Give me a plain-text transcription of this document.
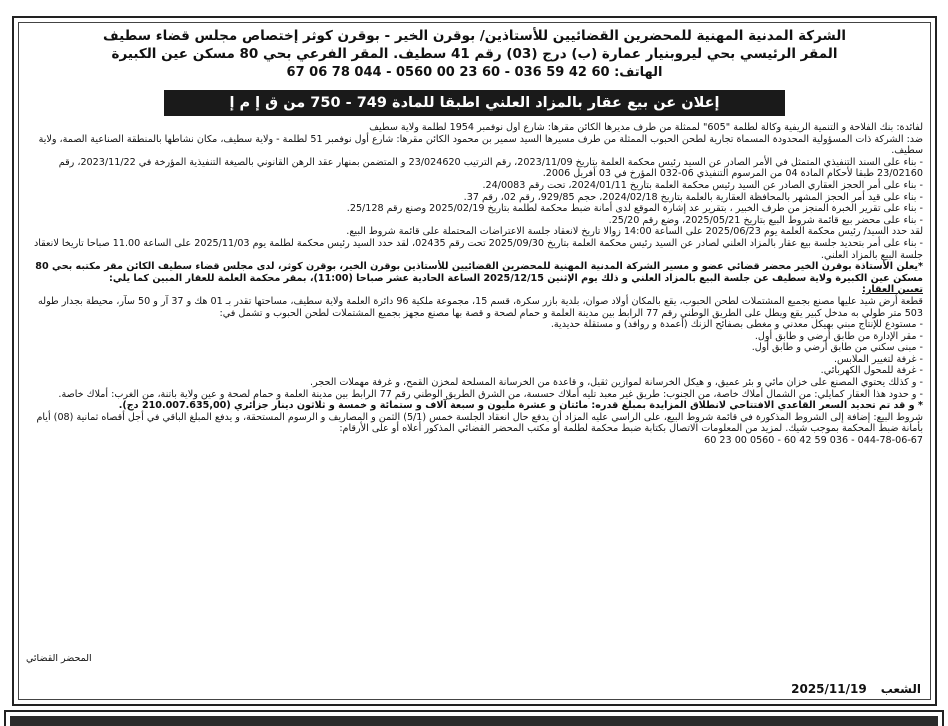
الشركة المدنية المهنية للمحضرين القضائيين للأستاذين/ بوقرن الخير - بوقرن كوثر إختصاص مجلس قضاء سطيف
المقر الرئيسي بحي ليروبنيار عمارة (ب) درج (03) رقم 41 سطيف. المقر الفرعي بحي 80 مسكن عين الكبيرة
الهاتف: 60 42 59 036 - 60 23 00 0560 - 044 78 06 67
إعلان عن بيع عقار بالمزاد العلني اطبقا للمادة 749 - 750 من ق إ م إ

لفائدة: بنك الفلاحة و التنمية الريفية وكالة لطلمة "605" لممثلة من طرف مديرها الكائن مقرها: شارع أول نوفمبر 1954 لطلمة ولاية سطيف

ضد: الشركة ذات المسؤولية المحدودة المسماة تجارية لطحن الحبوب الممثلة من طرف مسيرها السيد سمير بن محمود الكائن مقرها: شارع أول نوفمبر 51 لطلمة - ولاية سطيف، مكان نشاطها بالمنطقة الصناعية الصمة، ولاية سطيف.

- بناء على السند التنفيذي المتمثل في الأمر الصادر عن السيد رئيس محكمة العلمة بتاريخ 2023/11/09، رقم الترتيب 23/024620 و المتضمن بمنهار عقد الرهن القانوني بالصيغة التنفيذية المؤرخة في 2023/11/22، رقم 23/02160 طبقا لأحكام المادة 04 من المرسوم التنفيذي 06-032 المؤرخ في 03 أفريل 2006.

- بناء على أمر الحجز العقاري الصادر عن السيد رئيس محكمة العلمة بتاريخ 2024/01/11، تحت رقم 24/0083.

- بناء على قيد أمر الحجز المشهر بالمحافظة العقارية بالعلمة بتاريخ 2024/02/18، حجم 929/85، رقم 02، رقم 37.

- بناء على تقرير الخبرة المنجز من طرف الخبير ، بتقرير عد إشارة الموقع لدى أمانة ضبط محكمة لطلمة بتاريخ 2025/02/19 وصنع رقم 25/128.

- بناء على محضر بيع قائمة شروط البيع بتاريخ 2025/05/21، وضع رقم 25/20.

لقد حدد السيد/ رئيس محكمة العلمة يوم 2025/06/23 على الساعة 14:00 زوالا تاريخ لانعقاد جلسة الاعتراضات المحتملة على قائمة شروط البيع.

- بناء على أمر بتحديد جلسة بيع عقار بالمزاد العلني لصادر عن السيد رئيس محكمة العلمة بتاريخ 2025/09/30 تحت رقم 02435، لقد حدد السيد رئيس محكمة لطلمة يوم 2025/11/03 على الساعة 11.00 صباحا تاريخا لانعقاد جلسة البيع بالمزاد العلني.

*يعلن الأستاذة بوقرن الخير محضر قضائي عضو و مسير الشركة المدنية المهنية للمحضرين القضائيين للأستاذين بوقرن الخير، بوقرن كوثر، لدى مجلس قضاء سطيف الكائن مقر مكتبه بحي 80 مسكن عين الكبيرة ولاية سطيف عن جلسة البيع بالمزاد العلني و ذلك يوم الإثنين 2025/12/15 الساعة الحادية عشر صباحا (11:00)، بمقر محكمة العلمة للعقار المبين كما يلي:

تعيين العقار:

قطعة أرض شيد عليها مصنع بجميع المشتملات لطحن الحبوب، يقع بالمكان أولاد صوان، بلدية بازر سكرة، قسم 15، مجموعة ملكية 96 دائرة العلمة ولاية سطيف، مساحتها تقدر بـ 01 هك و 37 آر و 50 سآر، محيطة بجدار طوله 503 متر طولي به مدخل كبير يقع ويطل على الطريق الوطني رقم 77 الرابط بين مدينة العلمة و حمام لصحة و قصة بها مصنع مجهز بجميع المشتملات لطحن الحبوب و تشمل في:

- مستودع للإنتاج مبني بهيكل معدني و مغطى بصفائح الزنك (أعمدة و روافد) و مستقلة حديدية.

- مقر الإدارة من طابق أرضي و طابق أول.

- مبنى سكني من طابق أرضي و طابق أول.

- غرفة لتغيير الملابس.

- غرفة للمحول الكهربائي.

- و كذلك يحتوي المصنع على خزان مائي و بئر عميق، و هيكل الخرسانة لموازين ثقيل، و قاعدة من الخرسانة المسلحة لمخزن القمح، و غرفة مهملات الحجر.

- و حدود هذا العقار كمايلي: من الشمال أملاك خاصة، من الجنوب: طريق غير معبد تليه أملاك حسسة، من الشرق الطريق الوطني رقم 77 الرابط بين مدينة العلمة و حمام لصحة و عين ولاية باتنة، من الغرب: أملاك خاصة.

* و قد تم تحديد السعر القاعدي الافتتاحي لانطلاق المزايدة بمبلغ قدره: مائتان و عشرة مليون و سبعة آلاف و ستمائة و خمسة و ثلاثون دينار جزائري (210.007.635,00 دج).

شروط البيع: إضافة إلى الشروط المذكورة في قائمة شروط البيع، على الراسي عليه المزاد أن يدفع حال انعقاد الجلسة خمس (5/1) الثمن و المصاريف و الرسوم المستحقة، و يدفع المبلغ الباقي في أجل أقصاه ثمانية (08) أيام بأمانة ضبط المحكمة بموجب شيك. لمزيد من المعلومات الاتصال بكتابة ضبط محكمة لطلمة أو مكتب المحضر القضائي المذكور أعلاه أو على الأرقام:

044-78-06-67 - 036 59 42 60 - 0560 00 23 60

المحضر القضائي
الشعب2025/11/19
